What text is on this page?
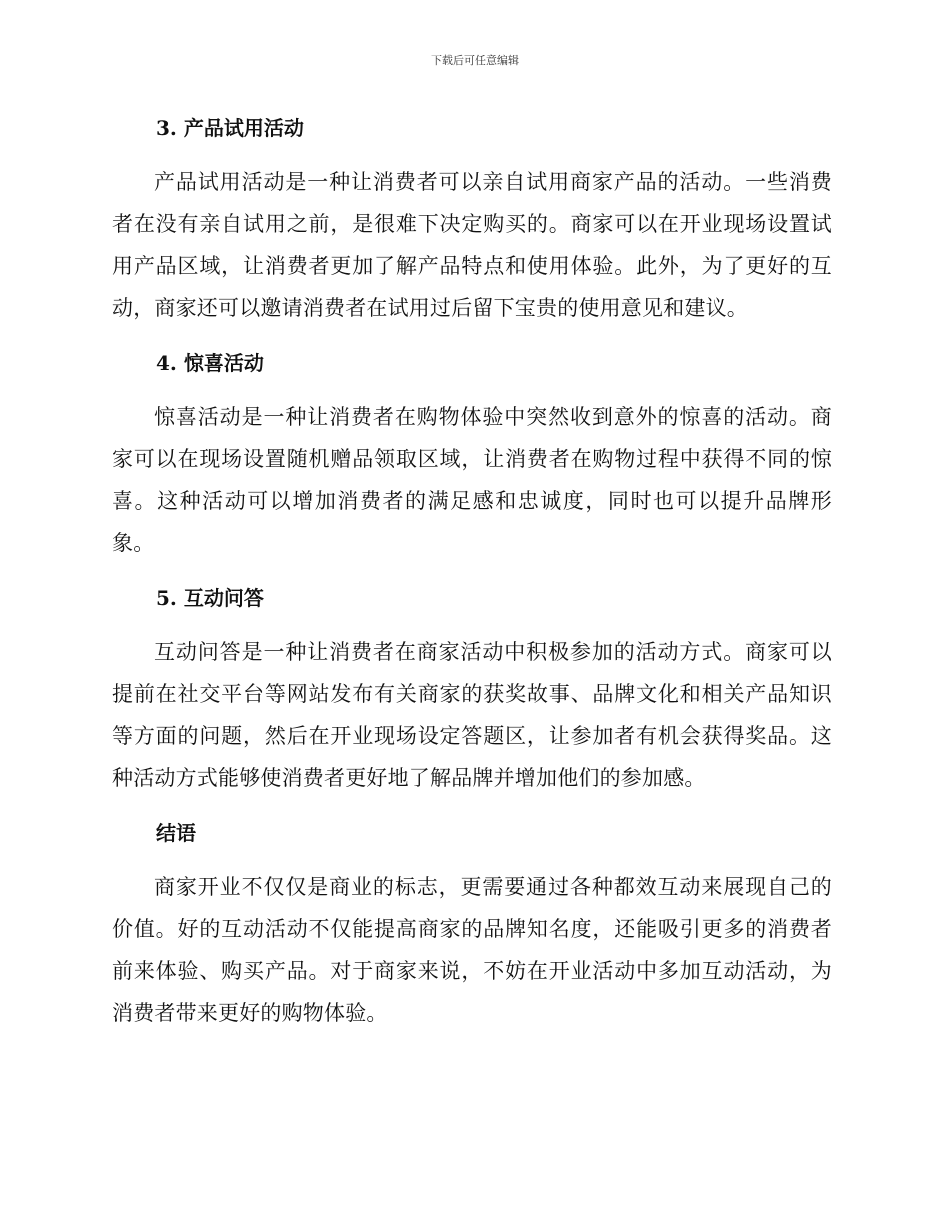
下载后可任意编辑
3. 产品试用活动

产品试用活动是一种让消费者可以亲自试用商家产品的活动。一些消费者在没有亲自试用之前，是很难下决定购买的。商家可以在开业现场设置试用产品区域，让消费者更加了解产品特点和使用体验。此外，为了更好的互动，商家还可以邀请消费者在试用过后留下宝贵的使用意见和建议。

4. 惊喜活动

惊喜活动是一种让消费者在购物体验中突然收到意外的惊喜的活动。商家可以在现场设置随机赠品领取区域，让消费者在购物过程中获得不同的惊喜。这种活动可以增加消费者的满足感和忠诚度，同时也可以提升品牌形象。

5. 互动问答

互动问答是一种让消费者在商家活动中积极参加的活动方式。商家可以提前在社交平台等网站发布有关商家的获奖故事、品牌文化和相关产品知识等方面的问题，然后在开业现场设定答题区，让参加者有机会获得奖品。这种活动方式能够使消费者更好地了解品牌并增加他们的参加感。

结语

商家开业不仅仅是商业的标志，更需要通过各种都效互动来展现自己的价值。好的互动活动不仅能提高商家的品牌知名度，还能吸引更多的消费者前来体验、购买产品。对于商家来说，不妨在开业活动中多加互动活动，为消费者带来更好的购物体验。
